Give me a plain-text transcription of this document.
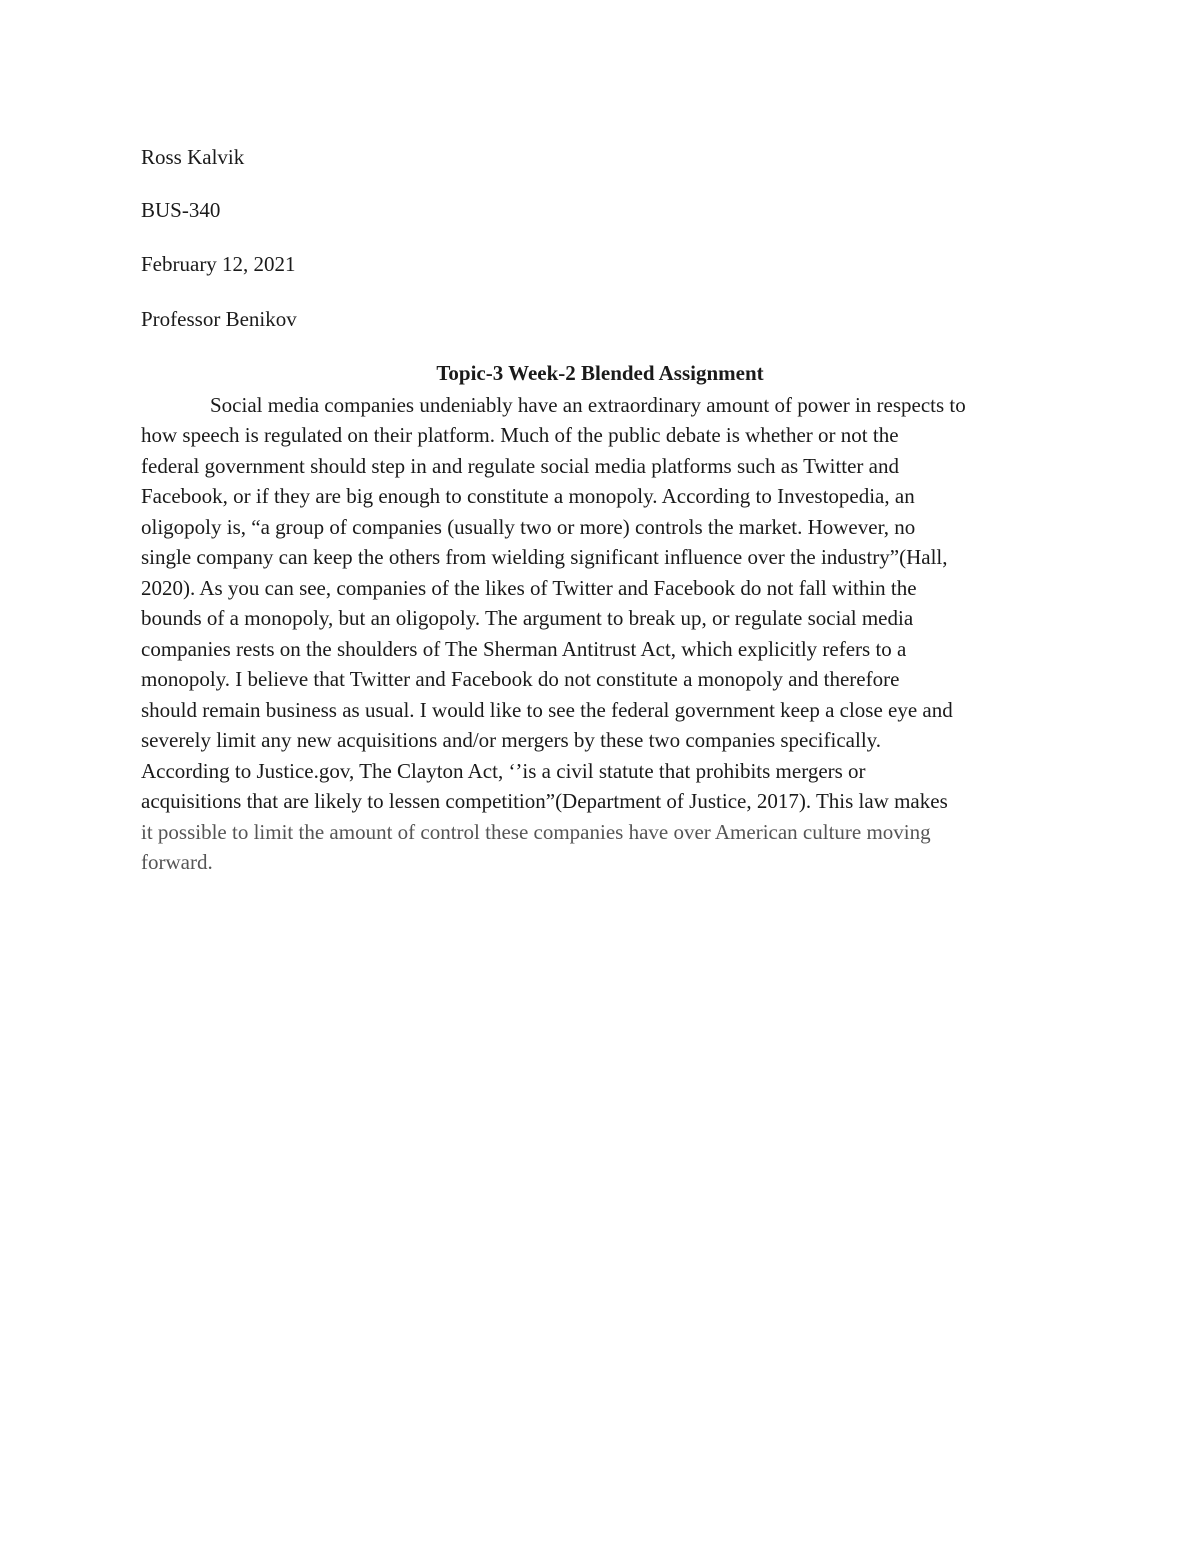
Ross Kalvik
BUS-340
February 12, 2021
Professor Benikov
Topic-3 Week-2 Blended Assignment
Social media companies undeniably have an extraordinary amount of power in respects to
how speech is regulated on their platform. Much of the public debate is whether or not the
federal government should step in and regulate social media platforms such as Twitter and
Facebook, or if they are big enough to constitute a monopoly. According to Investopedia, an
oligopoly is, “a group of companies (usually two or more) controls the market. However, no
single company can keep the others from wielding significant influence over the industry”(Hall,
2020). As you can see, companies of the likes of Twitter and Facebook do not fall within the
bounds of a monopoly, but an oligopoly. The argument to break up, or regulate social media
companies rests on the shoulders of The Sherman Antitrust Act, which explicitly refers to a
monopoly. I believe that Twitter and Facebook do not constitute a monopoly and therefore
should remain business as usual. I would like to see the federal government keep a close eye and
severely limit any new acquisitions and/or mergers by these two companies specifically.
According to Justice.gov, The Clayton Act, ‘’is a civil statute that prohibits mergers or
acquisitions that are likely to lessen competition”(Department of Justice, 2017). This law makes
it possible to limit the amount of control these companies have over American culture moving
forward.
